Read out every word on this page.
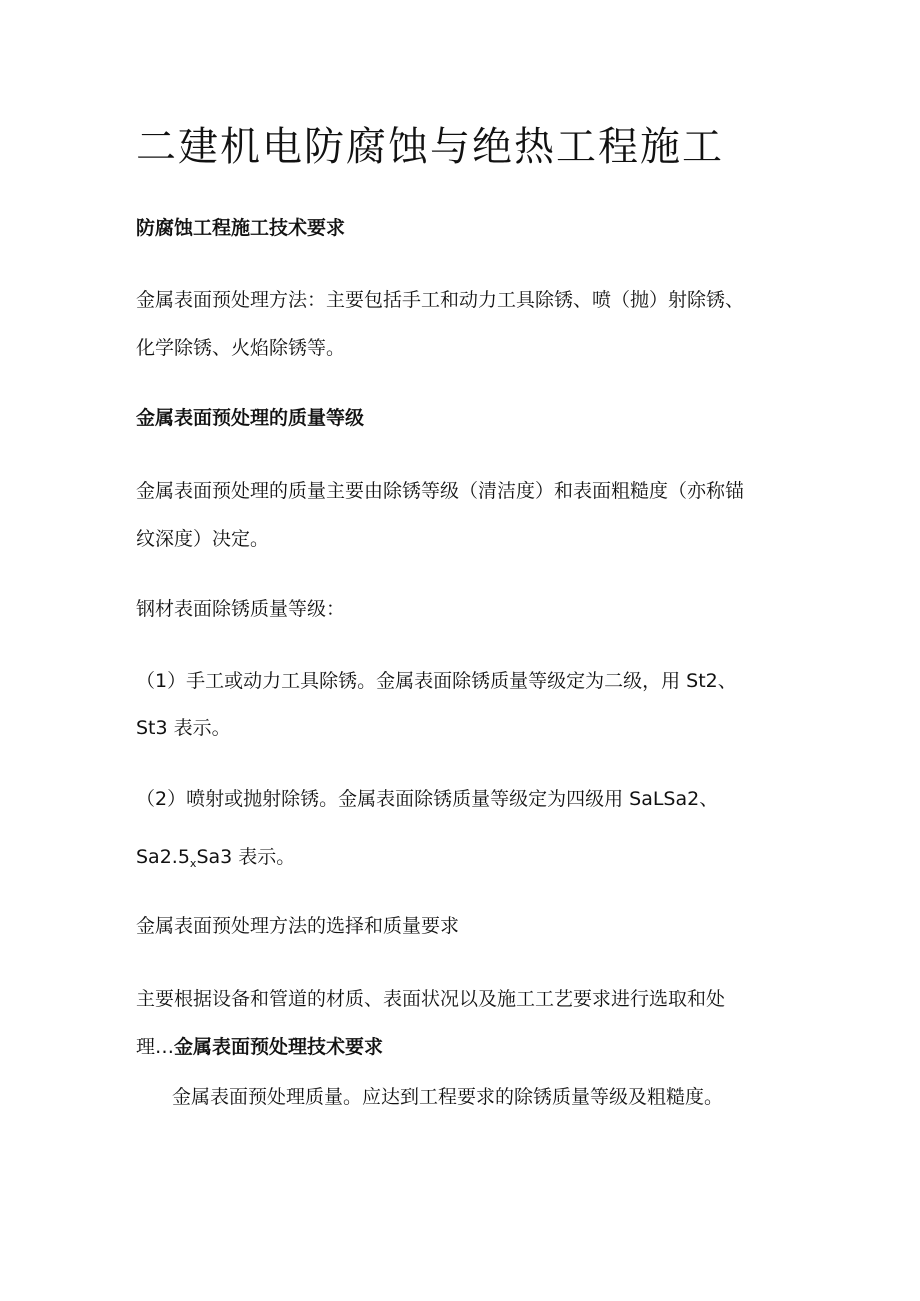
二建机电防腐蚀与绝热工程施工

防腐蚀工程施工技术要求

金属表面预处理方法：主要包括手工和动力工具除锈、喷（抛）射除锈、

化学除锈、火焰除锈等。

金属表面预处理的质量等级

金属表面预处理的质量主要由除锈等级（清洁度）和表面粗糙度（亦称锚

纹深度）决定。

钢材表面除锈质量等级：

（1）手工或动力工具除锈。金属表面除锈质量等级定为二级，用 St2、

St3 表示。

（2）喷射或抛射除锈。金属表面除锈质量等级定为四级用 SaLSa2、

$Sa2.5_xSa3$ 表示。

金属表面预处理方法的选择和质量要求

主要根据设备和管道的材质、表面状况以及施工工艺要求进行选取和处

理…金属表面预处理技术要求

金属表面预处理质量。应达到工程要求的除锈质量等级及粗糙度。
